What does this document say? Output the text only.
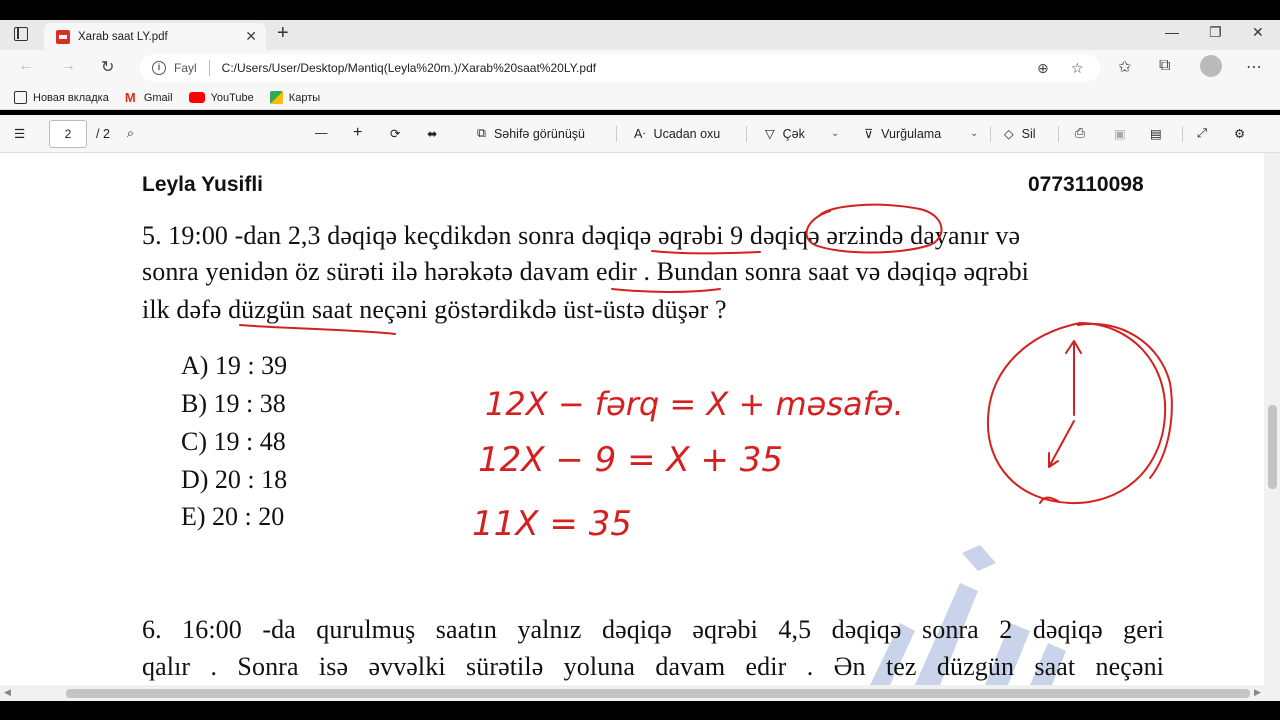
Xarab saat LY.pdf	✕ +	— ❐ ✕
← → ↻	i	Fayl C:/Users/User/Desktop/Məntiq(Leyla%20m.)/Xarab%20saat%20LY.pdf	⊕ ☆ ✩ ⧉	⋯
Новая вкладка M Gmail	YouTube	Карты
☰	2	/ 2 ⌕	— + ⟳ ⬌	⧉ Səhifə görünüşü	Aᐧ Ucadan oxu	▽ Çək	⌄ ⊽ Vurğulama	⌄ ◇ Sil	⎙ ▣ ▤	⤢ ⚙
Leyla Yusifli	0773110098
5. 19:00 -dan 2,3 dəqiqə keçdikdən sonra dəqiqə əqrəbi 9 dəqiqə ərzində dayanır və
sonra yenidən öz sürəti ilə hərəkətə davam edir . Bundan sonra saat və dəqiqə əqrəbi
ilk dəfə düzgün saat neçəni göstərdikdə üst-üstə düşər ?
A) 19 : 39
B) 19 : 38
C) 19 : 48
D) 20 : 18
E) 20 : 20
6. 16:00 -da qurulmuş saatın yalnız dəqiqə əqrəbi 4,5 dəqiqə sonra 2 dəqiqə geri
qalır . Sonra isə əvvəlki sürətilə yoluna davam edir . Ən tez düzgün saat neçəni
12X − fərq = X + məsafə.
12X − 9 = X + 35
11X = 35
◀	▶
